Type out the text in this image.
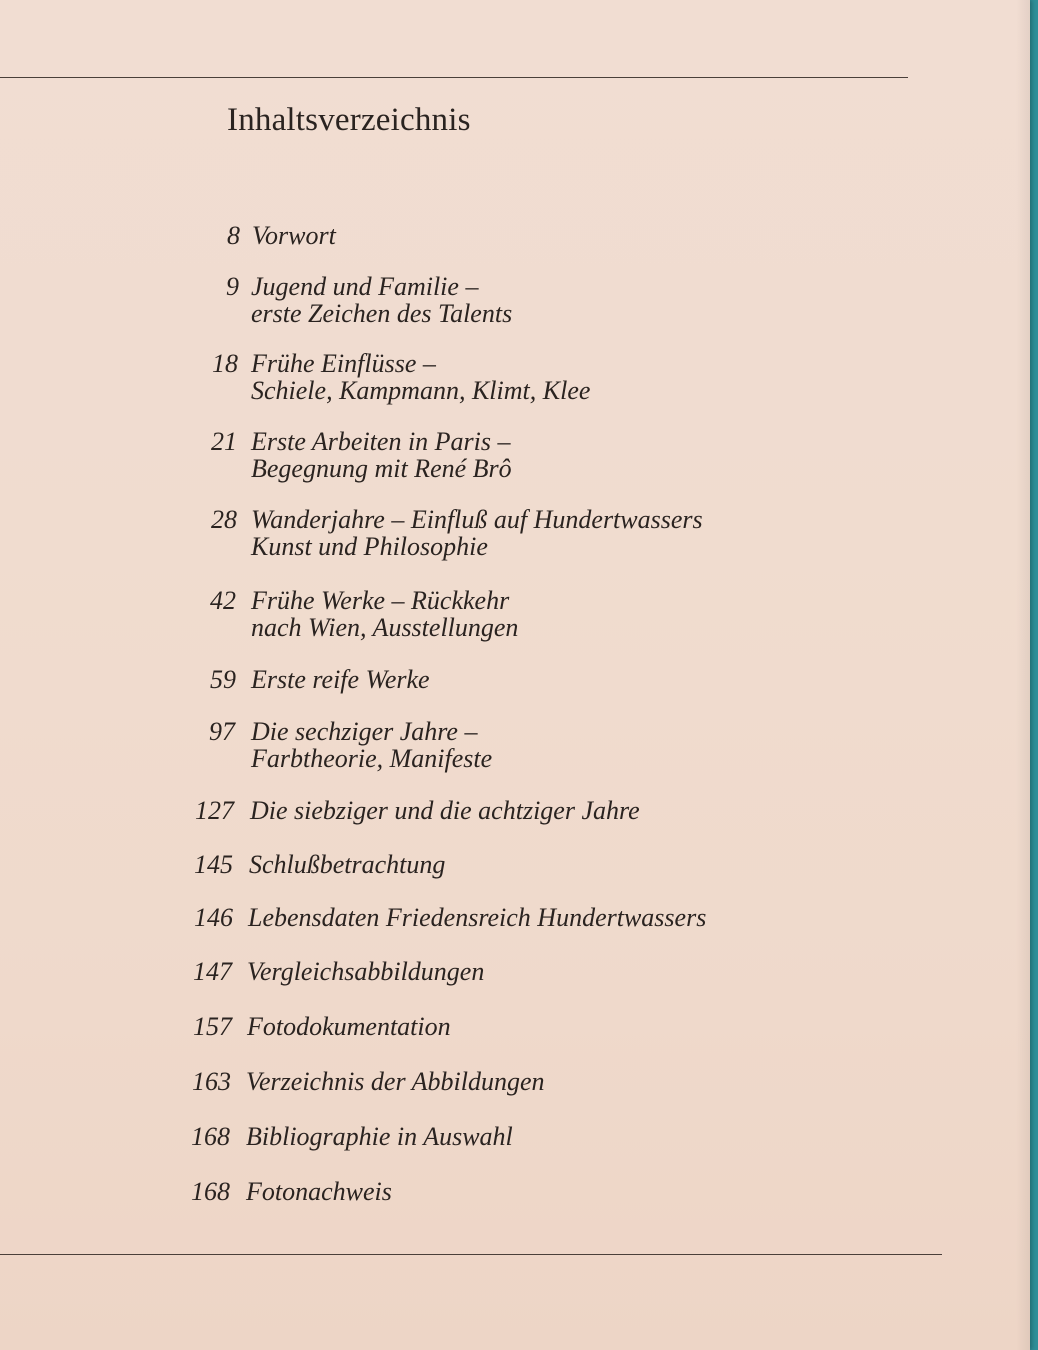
Inhaltsverzeichnis
8 Vorwort
9 Jugend und Familie –
erste Zeichen des Talents
18 Frühe Einflüsse –
Schiele, Kampmann, Klimt, Klee
21 Erste Arbeiten in Paris –
Begegnung mit René Brô
28 Wanderjahre – Einfluß auf Hundertwassers
Kunst und Philosophie
42 Frühe Werke – Rückkehr
nach Wien, Ausstellungen
59 Erste reife Werke
97 Die sechziger Jahre –
Farbtheorie, Manifeste
127 Die siebziger und die achtziger Jahre
145 Schlußbetrachtung
146 Lebensdaten Friedensreich Hundertwassers
147 Vergleichsabbildungen
157 Fotodokumentation
163 Verzeichnis der Abbildungen
168 Bibliographie in Auswahl
168 Fotonachweis
